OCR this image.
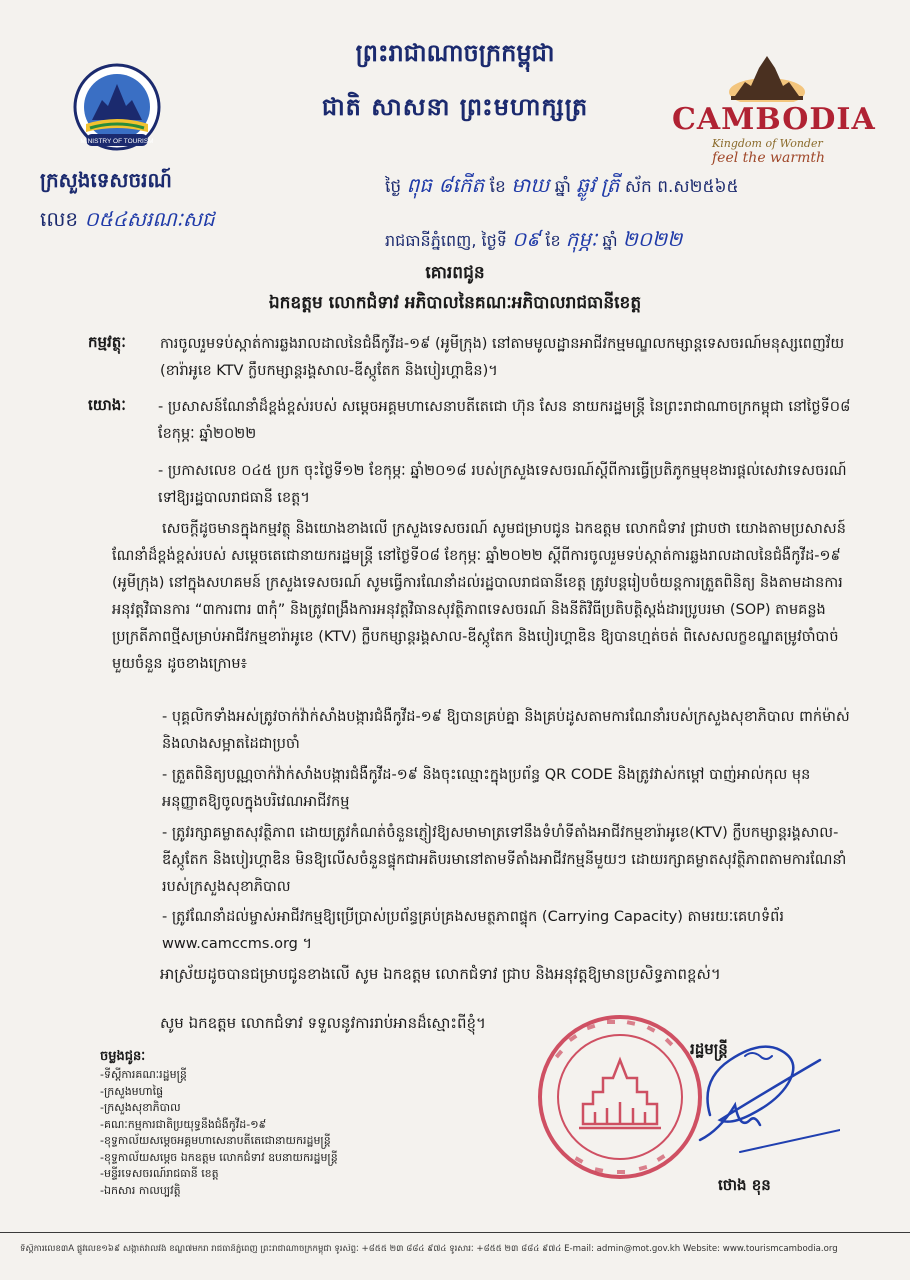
ព្រះរាជាណាចក្រកម្ពុជា
ជាតិ សាសនា ព្រះមហាក្សត្រ
MINISTRY OF TOURISM
CAMBODIA
Kingdom of Wonder
feel the warmth
ក្រសួងទេសចរណ៍
លេខ ០៥៤សរណៈសជ
ថ្ងៃ ពុធ ៨កើត ខែ មាឃ ឆ្នាំ ឆ្លូវ ត្រី ស័ក ព.ស២៥៦៥
រាជធានីភ្នំពេញ, ថ្ងៃទី ០៩ ខែ កុម្ភៈ ឆ្នាំ ២០២២
គោរពជូន
ឯកឧត្តម លោកជំទាវ អភិបាលនៃគណៈអភិបាលរាជធានីខេត្ត
កម្មវត្ថុៈ ការចូលរួមទប់ស្កាត់ការឆ្លងរាលដាលនៃជំងឺកូវីដ-១៩ (អូមីក្រុង) នៅតាមមូលដ្ឋានអាជីវកម្មមណ្ឌលកម្សាន្តទេសចរណ៍មនុស្សពេញវ័យ (ខារ៉ាអូខេ KTV ក្លឹបកម្សាន្តរង្គសាល-ឌីស្កូតែក និងបៀរហ្គាឌិន)។
យោងៈ - ប្រសាសន៍ណែនាំដ៏ខ្ពង់ខ្ពស់របស់ សម្តេចអគ្គមហាសេនាបតីតេជោ ហ៊ុន សែន នាយករដ្ឋមន្ត្រី នៃព្រះរាជាណាចក្រកម្ពុជា នៅថ្ងៃទី០៨ ខែកុម្ភៈ ឆ្នាំ២០២២
- ប្រកាសលេខ ០៤៥ ប្រក ចុះថ្ងៃទី១២ ខែកុម្ភៈ ឆ្នាំ២០១៨ របស់ក្រសួងទេសចរណ៍ស្តីពីការធ្វើប្រតិភូកម្មមុខងារផ្តល់សេវាទេសចរណ៍ទៅឱ្យរដ្ឋបាលរាជធានី ខេត្ត។
សេចក្តីដូចមានក្នុងកម្មវត្ថុ និងយោងខាងលើ ក្រសួងទេសចរណ៍ សូមជម្រាបជូន ឯកឧត្តម លោកជំទាវ ជ្រាបថា យោងតាមប្រសាសន៍ណែនាំដ៏ខ្ពង់ខ្ពស់របស់ សម្តេចតេជោនាយករដ្ឋមន្ត្រី នៅថ្ងៃទី០៨ ខែកុម្ភៈ ឆ្នាំ២០២២ ស្តីពីការចូលរួមទប់ស្កាត់ការឆ្លងរាលដាលនៃជំងឺកូវីដ-១៩ (អូមីក្រុង) នៅក្នុងសហគមន៍ ក្រសួងទេសចរណ៍ សូមធ្វើការណែនាំដល់រដ្ឋបាលរាជធានីខេត្ត ត្រូវបន្តរៀបចំយន្តការត្រួតពិនិត្យ និងតាមដានការអនុវត្តវិធានការ “៣ការពារ ៣កុំ” និងត្រូវពង្រឹងការអនុវត្តវិធានសុវត្ថិភាពទេសចរណ៍ និងនីតិវិធីប្រតិបត្តិស្តង់ដារប្រូបរមា (SOP) តាមគន្លងប្រក្រតីភាពថ្មីសម្រាប់អាជីវកម្មខារ៉ាអូខេ (KTV) ក្លឹបកម្សាន្តរង្គសាល-ឌីស្កូតែក និងបៀរហ្គាឌិន ឱ្យបានហ្មត់ចត់ ពិសេសលក្ខខណ្ឌតម្រូវចាំបាច់មួយចំនួន ដូចខាងក្រោម៖
- បុគ្គលិកទាំងអស់ត្រូវចាក់វ៉ាក់សាំងបង្ការជំងឺកូវីដ-១៩ ឱ្យបានគ្រប់គ្នា និងគ្រប់ដូសតាមការណែនាំរបស់ក្រសួងសុខាភិបាល ពាក់ម៉ាស់ និងលាងសម្អាតដៃជាប្រចាំ
- ត្រួតពិនិត្យបណ្ណចាក់វ៉ាក់សាំងបង្ការជំងឺកូវីដ-១៩ និងចុះឈ្មោះក្នុងប្រព័ន្ធ QR CODE និងត្រូវវាស់កម្តៅ បាញ់អាល់កុល មុនអនុញ្ញាតឱ្យចូលក្នុងបរិវេណអាជីវកម្ម
- ត្រូវរក្សាគម្លាតសុវត្ថិភាព ដោយត្រូវកំណត់ចំនួនភ្ញៀវឱ្យសមាមាត្រទៅនឹងទំហំទីតាំងអាជីវកម្មខារ៉ាអូខេ(KTV) ក្លឹបកម្សាន្តរង្គសាល-ឌីស្កូតែក និងបៀរហ្គាឌិន មិនឱ្យលើសចំនួនផ្ទុកជាអតិបរមានៅតាមទីតាំងអាជីវកម្មនីមួយៗ ដោយរក្សាគម្លាតសុវត្ថិភាពតាមការណែនាំរបស់ក្រសួងសុខាភិបាល
- ត្រូវណែនាំដល់ម្ចាស់អាជីវកម្មឱ្យប្រើប្រាស់ប្រព័ន្ធគ្រប់គ្រងសមត្ថភាពផ្ទុក (Carrying Capacity) តាមរយៈគេហទំព័រ www.camccms.org ។
អាស្រ័យដូចបានជម្រាបជូនខាងលើ សូម ឯកឧត្តម លោកជំទាវ ជ្រាប និងអនុវត្តឱ្យមានប្រសិទ្ធភាពខ្ពស់។
សូម ឯកឧត្តម លោកជំទាវ ទទួលនូវការរាប់អានដ៏ស្មោះពីខ្ញុំ។
ចម្លងជូនៈ
-ទីស្តីការគណៈរដ្ឋមន្ត្រី
-ក្រសួងមហាផ្ទៃ
-ក្រសួងសុខាភិបាល
-គណៈកម្មការជាតិប្រយុទ្ធនឹងជំងឺកូវីដ-១៩
-ខុទ្ទកាល័យសម្តេចអគ្គមហាសេនាបតីតេជោនាយករដ្ឋមន្ត្រី
-ខុទ្ទកាល័យសម្តេច ឯកឧត្តម លោកជំទាវ ឧបនាយករដ្ឋមន្ត្រី
-មន្ទីរទេសចរណ៍រាជធានី ខេត្ត
-ឯកសារ កាលប្បវត្តិ
រដ្ឋមន្ត្រី
ថោង ខុន
ទីស្តីការលេខ៣A ផ្លូវលេខ១៦៩ សង្កាត់វាលវង់ ខណ្ឌ៧មករា រាជធានីភ្នំពេញ ព្រះរាជាណាចក្រកម្ពុជា ទូរស័ព្ទៈ +៨៥៥ ២៣ ៨៨៤ ៩៧៤ ទូរសារៈ +៨៥៥ ២៣ ៨៨៤ ៩៧៤ E-mail: admin@mot.gov.kh Website: www.tourismcambodia.org
